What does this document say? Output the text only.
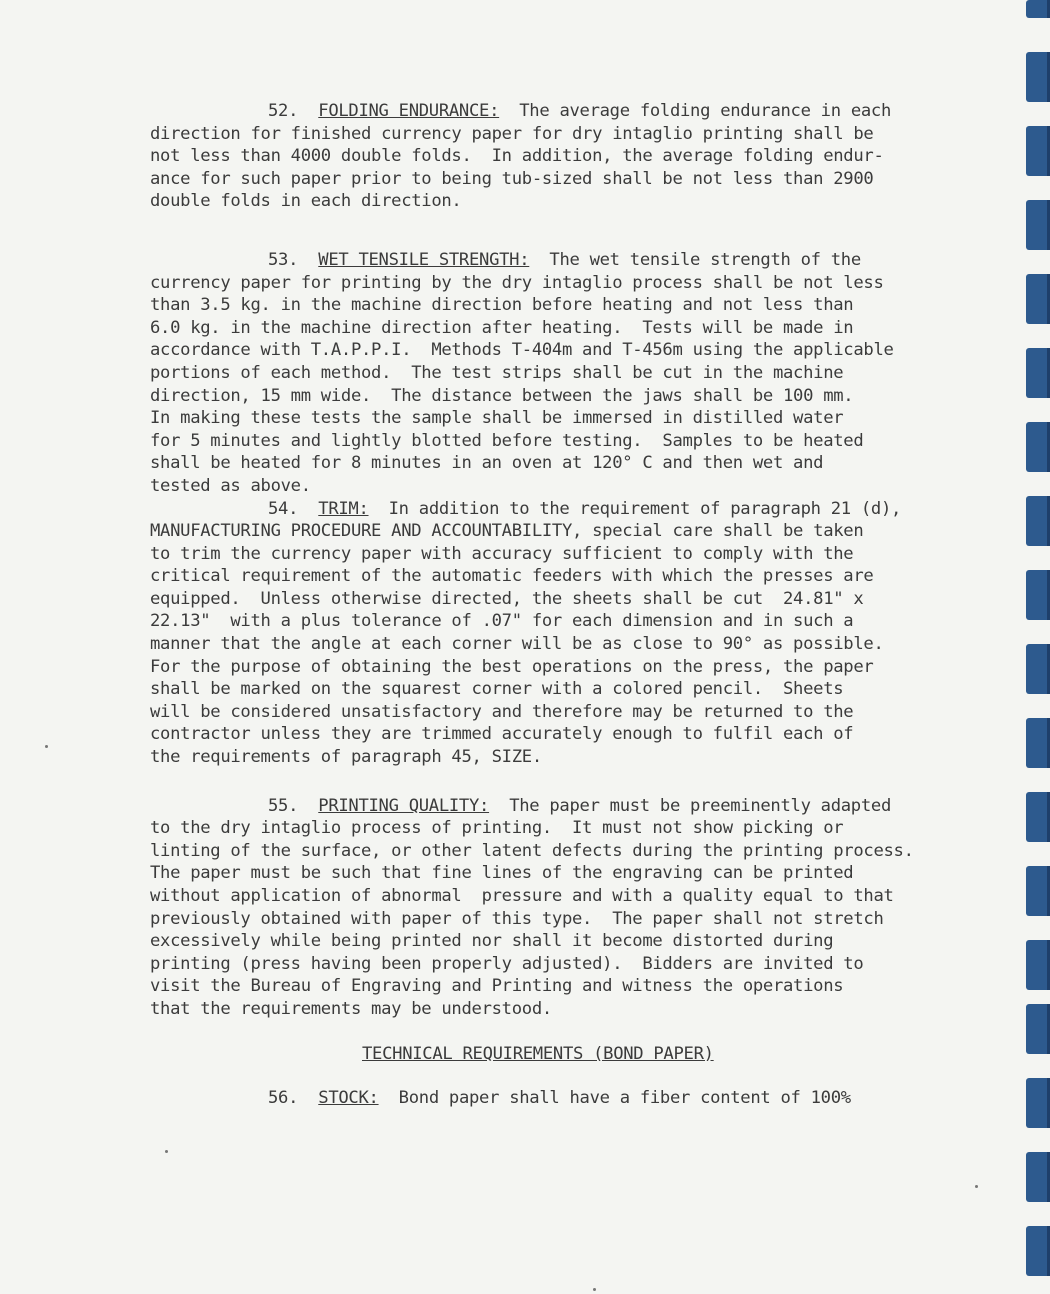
52. FOLDING ENDURANCE: The average folding endurance in each
direction for finished currency paper for dry intaglio printing shall be
not less than 4000 double folds.  In addition, the average folding endur-
ance for such paper prior to being tub-sized shall be not less than 2900
double folds in each direction.

53. WET TENSILE STRENGTH: The wet tensile strength of the
currency paper for printing by the dry intaglio process shall be not less
than 3.5 kg. in the machine direction before heating and not less than
6.0 kg. in the machine direction after heating.  Tests will be made in
accordance with T.A.P.P.I.  Methods T-404m and T-456m using the applicable
portions of each method.  The test strips shall be cut in the machine
direction, 15 mm wide.  The distance between the jaws shall be 100 mm.
In making these tests the sample shall be immersed in distilled water
for 5 minutes and lightly blotted before testing.  Samples to be heated
shall be heated for 8 minutes in an oven at 120° C and then wet and
tested as above.

54. TRIM: In addition to the requirement of paragraph 21 (d),
MANUFACTURING PROCEDURE AND ACCOUNTABILITY, special care shall be taken
to trim the currency paper with accuracy sufficient to comply with the
critical requirement of the automatic feeders with which the presses are
equipped.  Unless otherwise directed, the sheets shall be cut  24.81" x
22.13"  with a plus tolerance of .07" for each dimension and in such a
manner that the angle at each corner will be as close to 90° as possible.
For the purpose of obtaining the best operations on the press, the paper
shall be marked on the squarest corner with a colored pencil.  Sheets
will be considered unsatisfactory and therefore may be returned to the
contractor unless they are trimmed accurately enough to fulfil each of
the requirements of paragraph 45, SIZE.

55. PRINTING QUALITY: The paper must be preeminently adapted
to the dry intaglio process of printing.  It must not show picking or
linting of the surface, or other latent defects during the printing process.
The paper must be such that fine lines of the engraving can be printed
without application of abnormal  pressure and with a quality equal to that
previously obtained with paper of this type.  The paper shall not stretch
excessively while being printed nor shall it become distorted during
printing (press having been properly adjusted).  Bidders are invited to
visit the Bureau of Engraving and Printing and witness the operations
that the requirements may be understood.

TECHNICAL REQUIREMENTS (BOND PAPER)

56. STOCK: Bond paper shall have a fiber content of 100%
